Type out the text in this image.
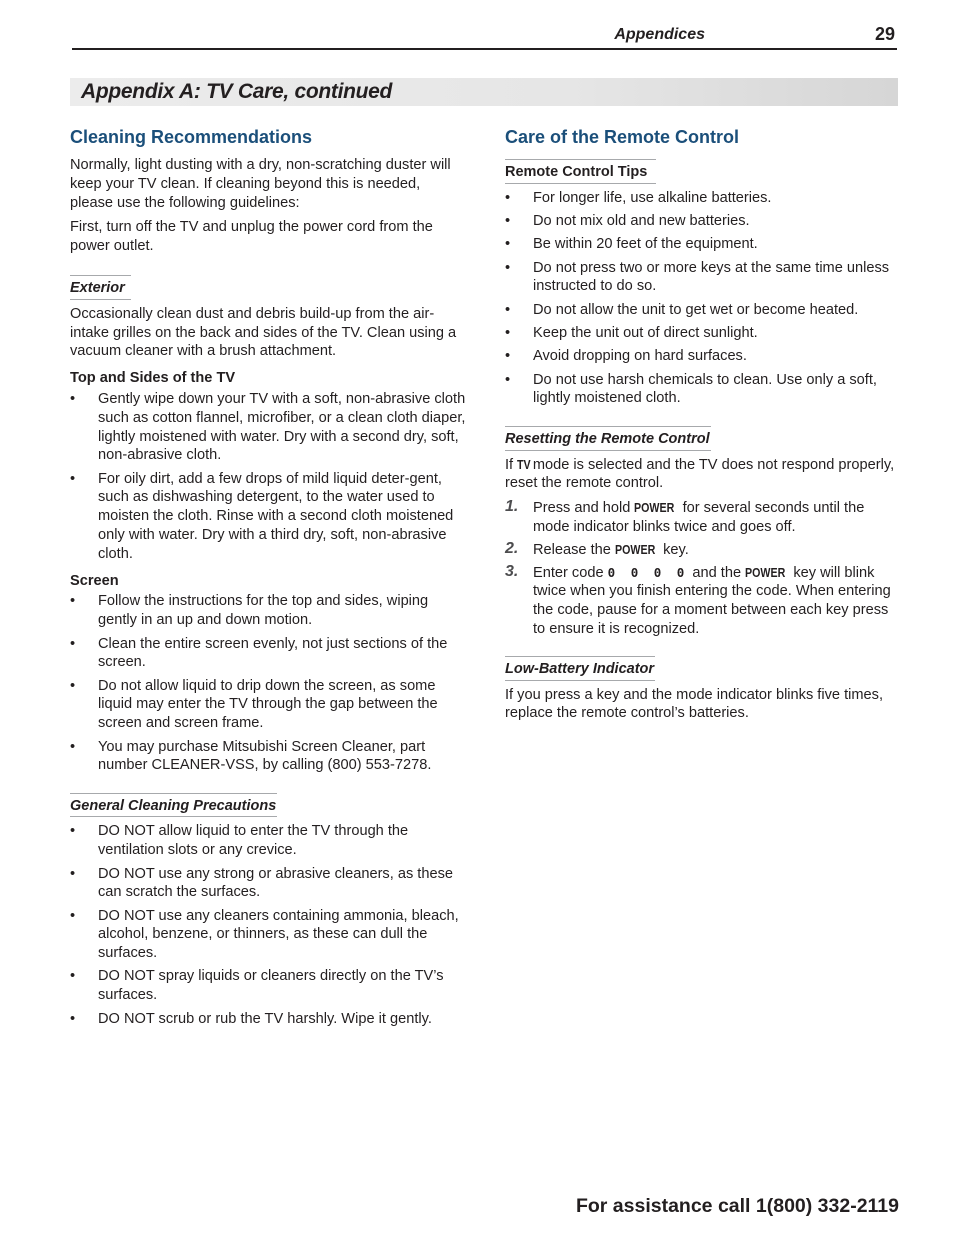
Appendices	29
Appendix A: TV Care, continued
Cleaning Recommendations

Normally, light dusting with a dry, non-scratching duster will keep your TV clean. If cleaning beyond this is needed, please use the following guidelines:

First, turn off the TV and unplug the power cord from the power outlet.

Exterior

Occasionally clean dust and debris build-up from the air-intake grilles on the back and sides of the TV. Clean using a vacuum cleaner with a brush attachment.

Top and Sides of the TV
• Gently wipe down your TV with a soft, non-abrasive cloth such as cotton flannel, microfiber, or a clean cloth diaper, lightly moistened with water. Dry with a second dry, soft, non-abrasive cloth.
• For oily dirt, add a few drops of mild liquid deter-gent, such as dishwashing detergent, to the water used to moisten the cloth. Rinse with a second cloth moistened only with water. Dry with a third dry, soft, non-abrasive cloth.
Screen
• Follow the instructions for the top and sides, wiping gently in an up and down motion.
• Clean the entire screen evenly, not just sections of the screen.
• Do not allow liquid to drip down the screen, as some liquid may enter the TV through the gap between the screen and screen frame.
• You may purchase Mitsubishi Screen Cleaner, part number CLEANER-VSS, by calling (800) 553-7278.
General Cleaning Precautions
• DO NOT allow liquid to enter the TV through the ventilation slots or any crevice.
• DO NOT use any strong or abrasive cleaners, as these can scratch the surfaces.
• DO NOT use any cleaners containing ammonia, bleach, alcohol, benzene, or thinners, as these can dull the surfaces.
• DO NOT spray liquids or cleaners directly on the TV’s surfaces.
• DO NOT scrub or rub the TV harshly. Wipe it gently.
Care of the Remote Control
Remote Control Tips
• For longer life, use alkaline batteries.
• Do not mix old and new batteries.
• Be within 20 feet of the equipment.
• Do not press two or more keys at the same time unless instructed to do so.
• Do not allow the unit to get wet or become heated.
• Keep the unit out of direct sunlight.
• Avoid dropping on hard surfaces.
• Do not use harsh chemicals to clean. Use only a soft, lightly moistened cloth.
Resetting the Remote Control

If TV mode is selected and the TV does not respond properly, reset the remote control.

1. Press and hold POWER for several seconds until the mode indicator blinks twice and goes off.
2. Release the POWER key.
3. Enter code 0 0 0 0 and the POWER key will blink twice when you finish entering the code. When entering the code, pause for a moment between each key press to ensure it is recognized.
Low-Battery Indicator

If you press a key and the mode indicator blinks five times, replace the remote control’s batteries.

For assistance call 1(800) 332-2119
